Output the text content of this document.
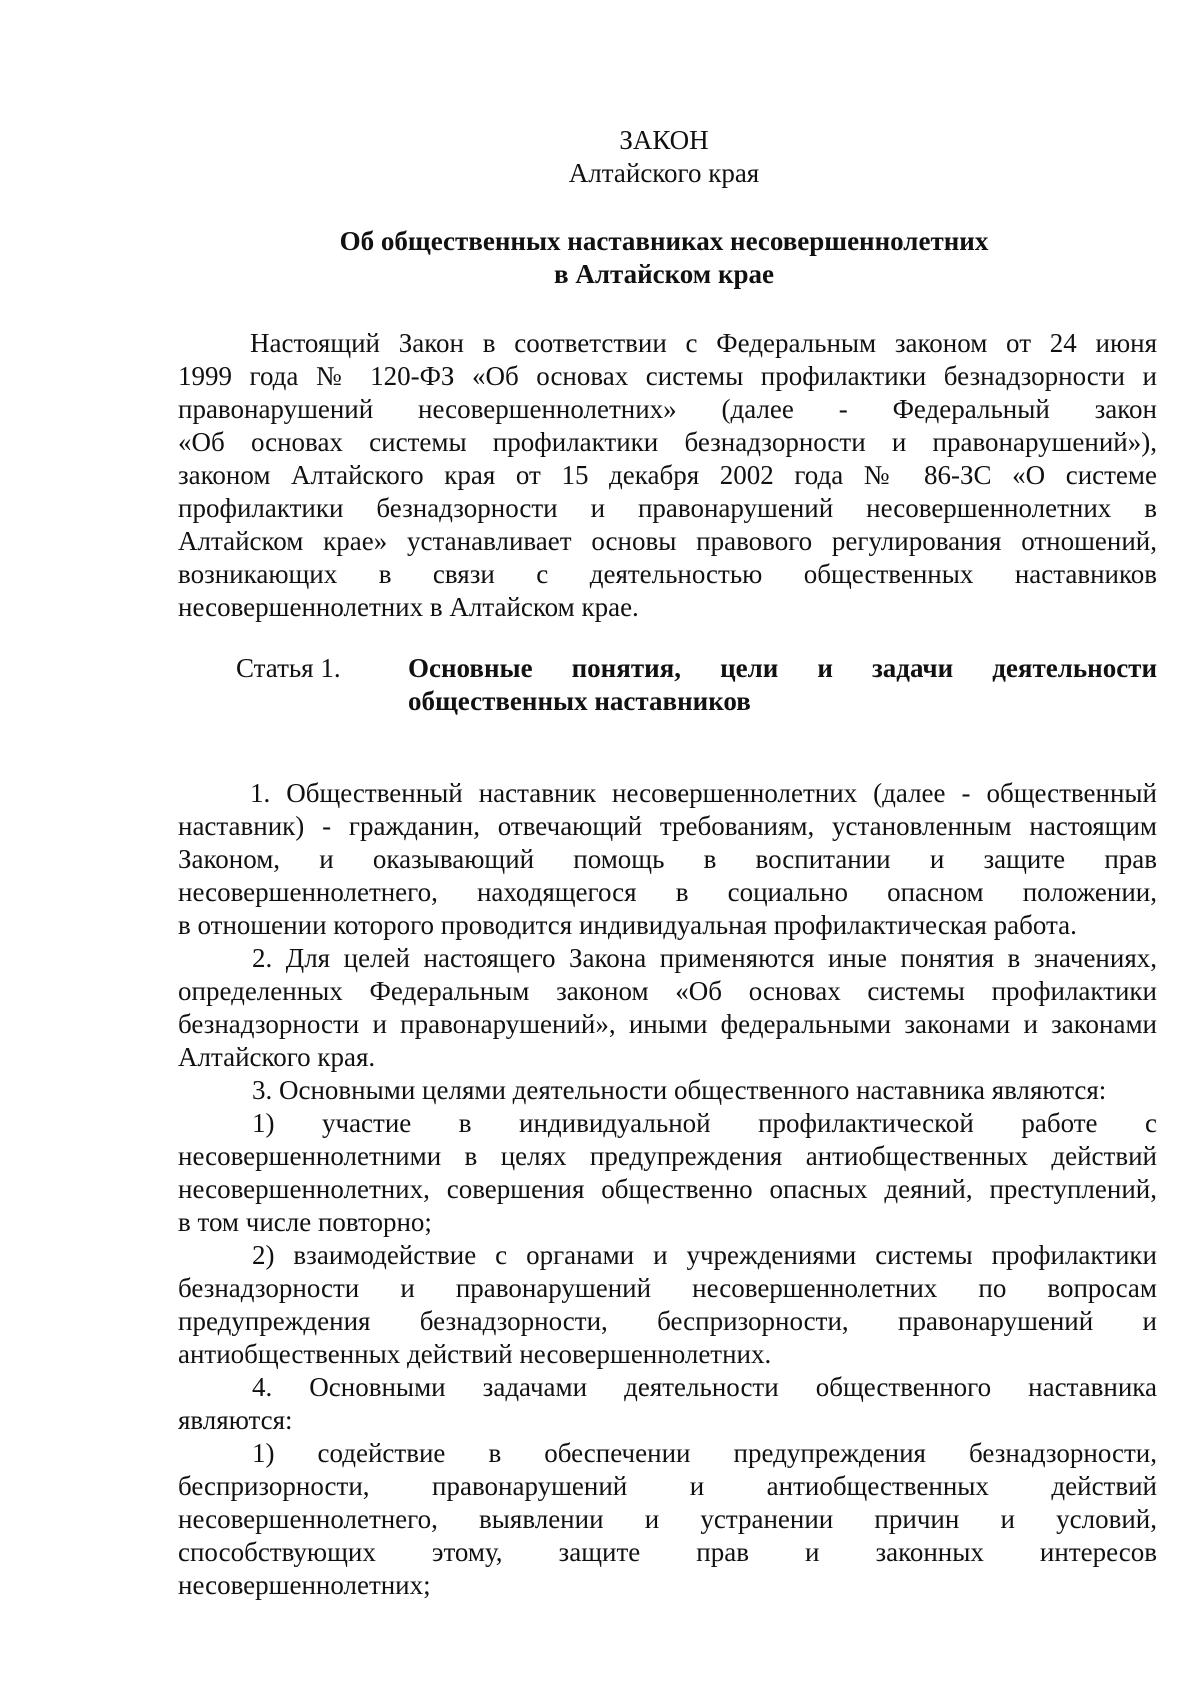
ЗАКОН
Алтайского края
Об общественных наставниках несовершеннолетних
в Алтайском крае
Настоящий Закон в соответствии с Федеральным законом от 24 июня
1999 года № 120-ФЗ «Об основах системы профилактики безнадзорности и
правонарушений несовершеннолетних» (далее - Федеральный закон
«Об основах системы профилактики безнадзорности и правонарушений»),
законом Алтайского края от 15 декабря 2002 года № 86-ЗС «О системе
профилактики безнадзорности и правонарушений несовершеннолетних в
Алтайском крае» устанавливает основы правового регулирования отношений,
возникающих в связи с деятельностью общественных наставников
несовершеннолетних в Алтайском крае.
Статья 1. Основные понятия, цели и задачи деятельности
общественных наставников
1. Общественный наставник несовершеннолетних (далее - общественный
наставник) - гражданин, отвечающий требованиям, установленным настоящим
Законом, и оказывающий помощь в воспитании и защите прав
несовершеннолетнего, находящегося в социально опасном положении,
в отношении которого проводится индивидуальная профилактическая работа.
2. Для целей настоящего Закона применяются иные понятия в значениях,
определенных Федеральным законом «Об основах системы профилактики
безнадзорности и правонарушений», иными федеральными законами и законами
Алтайского края.
3. Основными целями деятельности общественного наставника являются:
1) участие в индивидуальной профилактической работе с
несовершеннолетними в целях предупреждения антиобщественных действий
несовершеннолетних, совершения общественно опасных деяний, преступлений,
в том числе повторно;
2) взаимодействие с органами и учреждениями системы профилактики
безнадзорности и правонарушений несовершеннолетних по вопросам
предупреждения безнадзорности, беспризорности, правонарушений и
антиобщественных действий несовершеннолетних.
4. Основными задачами деятельности общественного наставника
являются:
1) содействие в обеспечении предупреждения безнадзорности,
беспризорности, правонарушений и антиобщественных действий
несовершеннолетнего, выявлении и устранении причин и условий,
способствующих этому, защите прав и законных интересов
несовершеннолетних;
